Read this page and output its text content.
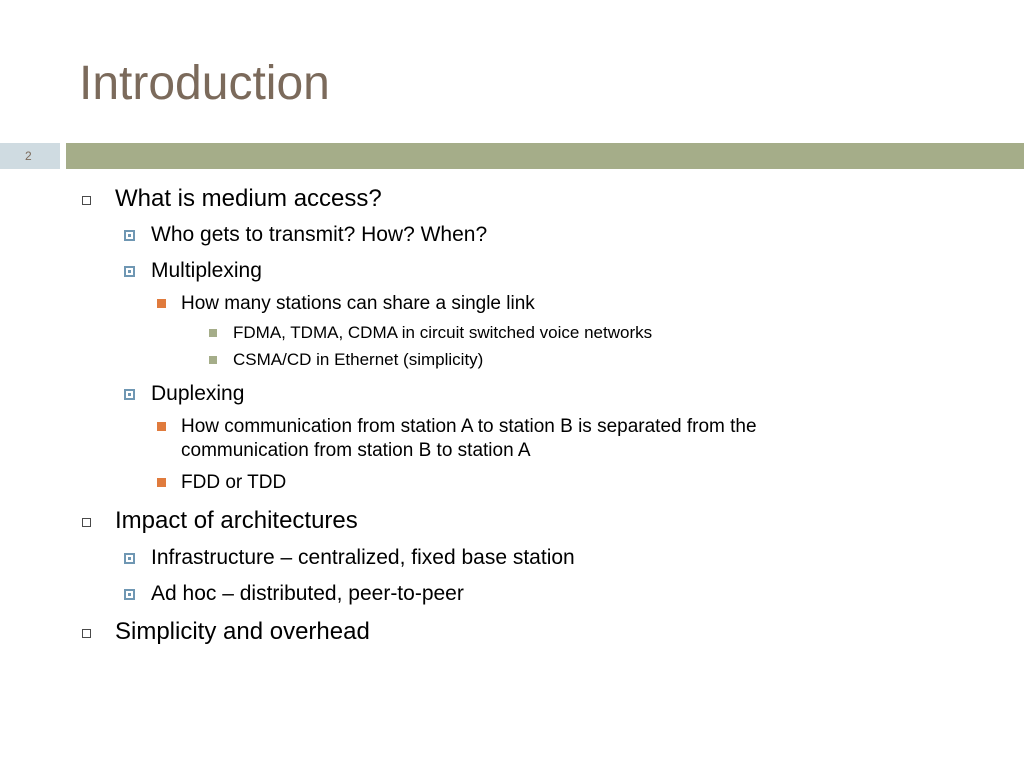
Introduction
2
What is medium access?
Who gets to transmit? How? When?
Multiplexing
How many stations can share a single link
FDMA, TDMA, CDMA in circuit switched voice networks
CSMA/CD in Ethernet (simplicity)
Duplexing
How communication from station A to station B is separated from the
communication from station B to station A
FDD or TDD
Impact of architectures
Infrastructure – centralized, fixed base station
Ad hoc – distributed, peer-to-peer
Simplicity and overhead
